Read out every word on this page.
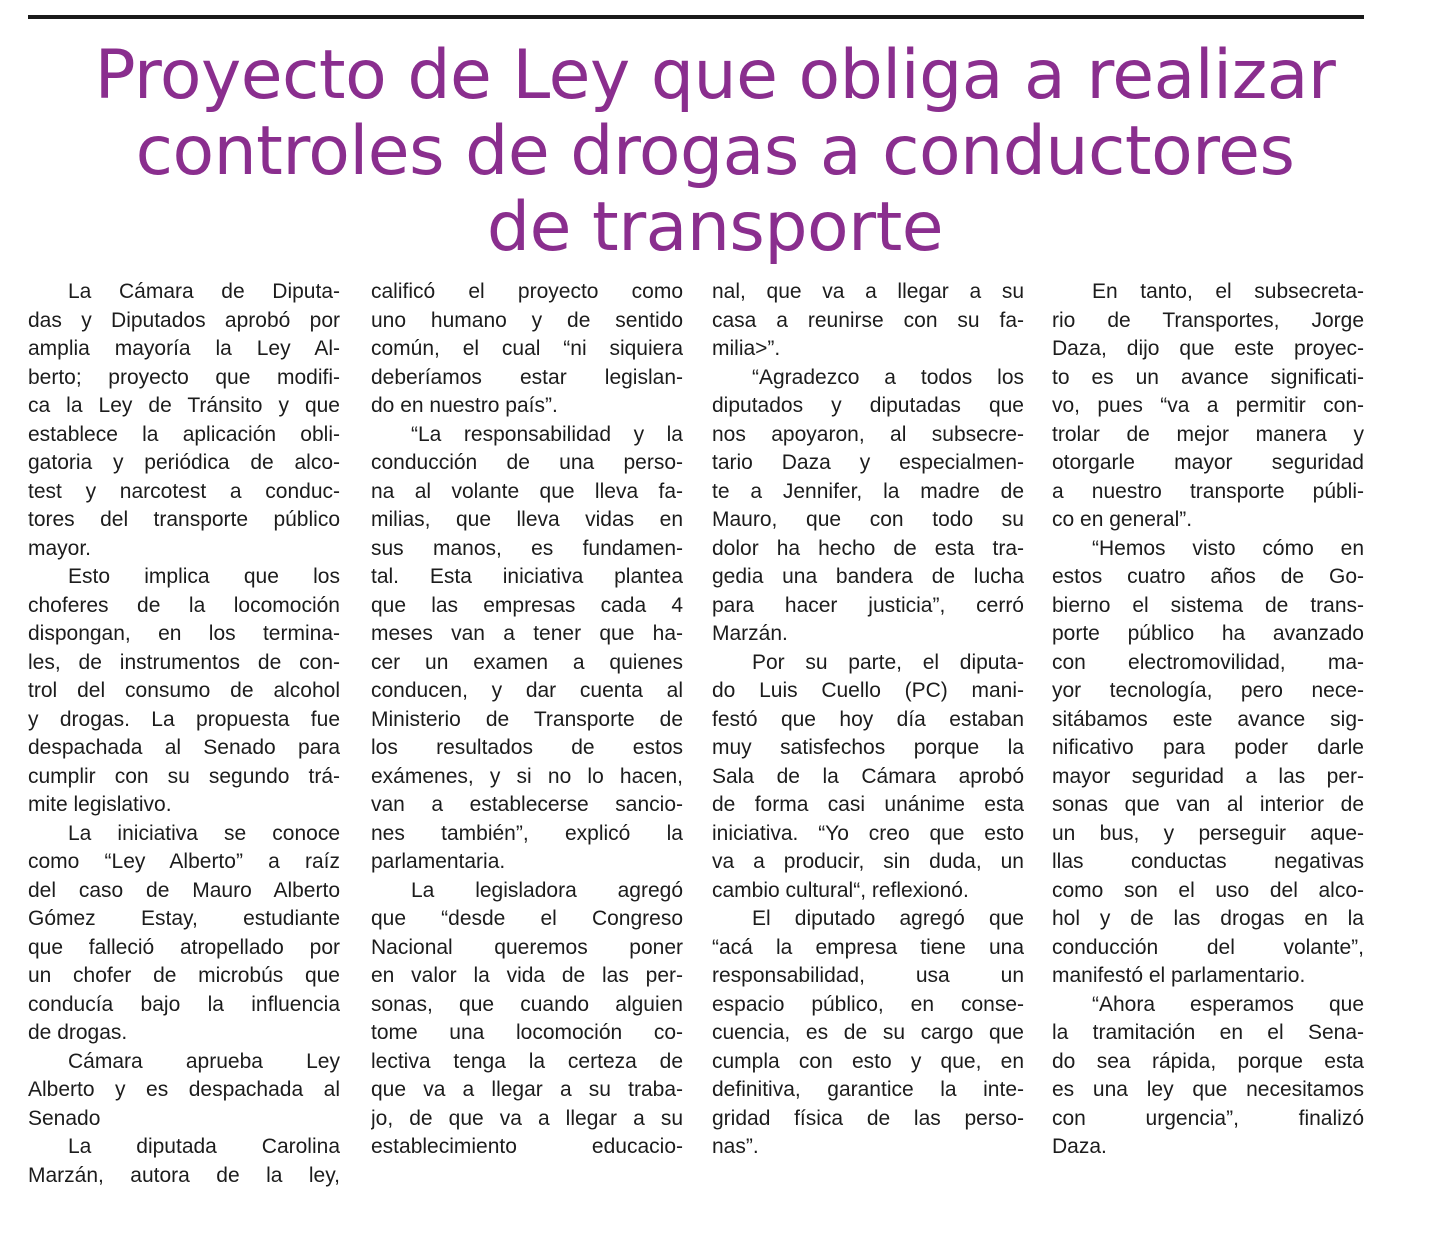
Proyecto de Ley que obliga a realizar
controles de drogas a conductores
de transporte
La Cámara de Diputa-
das y Diputados aprobó por
amplia mayoría la Ley Al-
berto; proyecto que modifi-
ca la Ley de Tránsito y que
establece la aplicación obli-
gatoria y periódica de alco-
test y narcotest a conduc-
tores del transporte público
mayor.
Esto implica que los
choferes de la locomoción
dispongan, en los termina-
les, de instrumentos de con-
trol del consumo de alcohol
y drogas. La propuesta fue
despachada al Senado para
cumplir con su segundo trá-
mite legislativo.
La iniciativa se conoce
como “Ley Alberto” a raíz
del caso de Mauro Alberto
Gómez Estay, estudiante
que falleció atropellado por
un chofer de microbús que
conducía bajo la influencia
de drogas.
Cámara aprueba Ley
Alberto y es despachada al
Senado
La diputada Carolina
Marzán, autora de la ley,
calificó el proyecto como
uno humano y de sentido
común, el cual “ni siquiera
deberíamos estar legislan-
do en nuestro país”.
“La responsabilidad y la
conducción de una perso-
na al volante que lleva fa-
milias, que lleva vidas en
sus manos, es fundamen-
tal. Esta iniciativa plantea
que las empresas cada 4
meses van a tener que ha-
cer un examen a quienes
conducen, y dar cuenta al
Ministerio de Transporte de
los resultados de estos
exámenes, y si no lo hacen,
van a establecerse sancio-
nes también”, explicó la
parlamentaria.
La legisladora agregó
que “desde el Congreso
Nacional queremos poner
en valor la vida de las per-
sonas, que cuando alguien
tome una locomoción co-
lectiva tenga la certeza de
que va a llegar a su traba-
jo, de que va a llegar a su
establecimiento educacio-
nal, que va a llegar a su
casa a reunirse con su fa-
milia>”.
“Agradezco a todos los
diputados y diputadas que
nos apoyaron, al subsecre-
tario Daza y especialmen-
te a Jennifer, la madre de
Mauro, que con todo su
dolor ha hecho de esta tra-
gedia una bandera de lucha
para hacer justicia”, cerró
Marzán.
Por su parte, el diputa-
do Luis Cuello (PC) mani-
festó que hoy día estaban
muy satisfechos porque la
Sala de la Cámara aprobó
de forma casi unánime esta
iniciativa. “Yo creo que esto
va a producir, sin duda, un
cambio cultural“, reflexionó.
El diputado agregó que
“acá la empresa tiene una
responsabilidad, usa un
espacio público, en conse-
cuencia, es de su cargo que
cumpla con esto y que, en
definitiva, garantice la inte-
gridad física de las perso-
nas”.
En tanto, el subsecreta-
rio de Transportes, Jorge
Daza, dijo que este proyec-
to es un avance significati-
vo, pues “va a permitir con-
trolar de mejor manera y
otorgarle mayor seguridad
a nuestro transporte públi-
co en general”.
“Hemos visto cómo en
estos cuatro años de Go-
bierno el sistema de trans-
porte público ha avanzado
con electromovilidad, ma-
yor tecnología, pero nece-
sitábamos este avance sig-
nificativo para poder darle
mayor seguridad a las per-
sonas que van al interior de
un bus, y perseguir aque-
llas conductas negativas
como son el uso del alco-
hol y de las drogas en la
conducción del volante”,
manifestó el parlamentario.
“Ahora esperamos que
la tramitación en el Sena-
do sea rápida, porque esta
es una ley que necesitamos
con urgencia”, finalizó
Daza.
